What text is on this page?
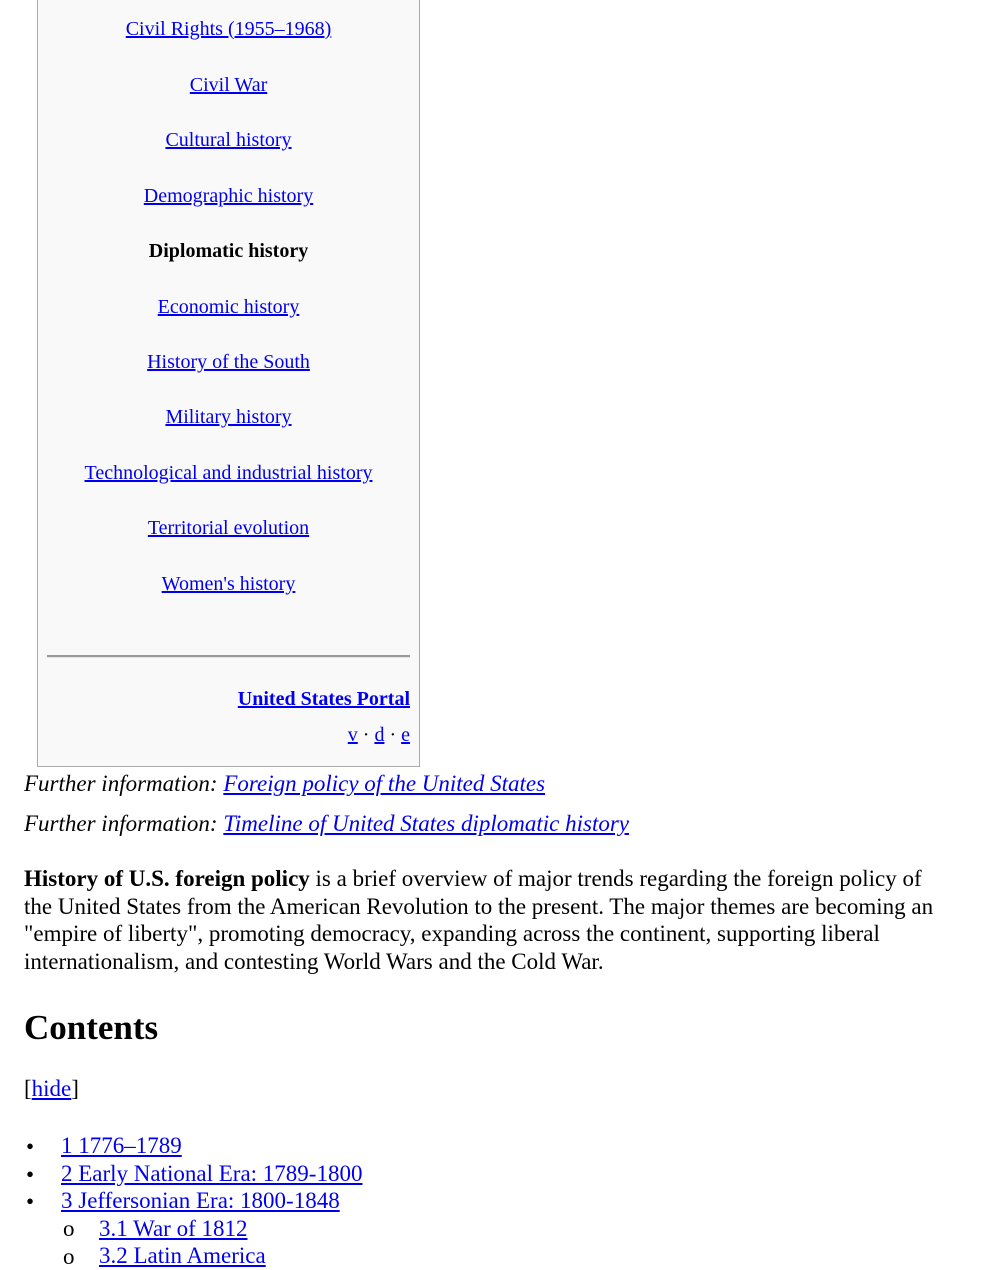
Civil Rights (1955–1968)
Civil War
Cultural history
Demographic history
Diplomatic history
Economic history
History of the South
Military history
Technological and industrial history
Territorial evolution
Women's history
United States Portal
v · d · e
Further information: Foreign policy of the United States
Further information: Timeline of United States diplomatic history
History of U.S. foreign policy is a brief overview of major trends regarding the foreign policy of the United States from the American Revolution to the present. The major themes are becoming an "empire of liberty", promoting democracy, expanding across the continent, supporting liberal internationalism, and contesting World Wars and the Cold War.
Contents
[hide]
• 1 1776–1789
• 2 Early National Era: 1789-1800
• 3 Jeffersonian Era: 1800-1848
o 3.1 War of 1812
o 3.2 Latin America
